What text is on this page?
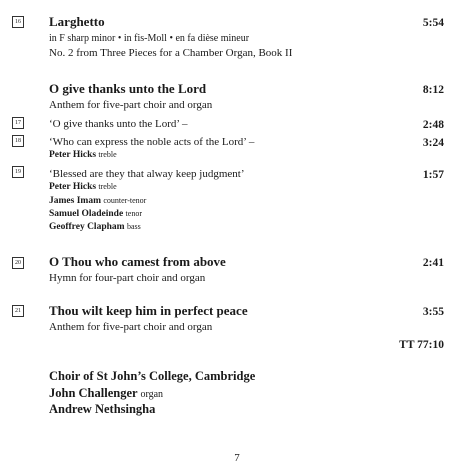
16 Larghetto	5:54
in F sharp minor • in fis-Moll • en fa dièse mineur
No. 2 from Three Pieces for a Chamber Organ, Book II
O give thanks unto the Lord	8:12
Anthem for five-part choir and organ
17	‘O give thanks unto the Lord’ –	2:48
18	‘Who can express the noble acts of the Lord’ –	3:24
Peter Hicks treble
19	‘Blessed are they that alway keep judgment’	1:57
Peter Hicks treble
James Imam counter-tenor
Samuel Oladeinde tenor
Geoffrey Clapham bass
20 O Thou who camest from above	2:41
Hymn for four-part choir and organ
21 Thou wilt keep him in perfect peace	3:55
Anthem for five-part choir and organ
TT 77:10
Choir of St John’s College, Cambridge
John Challenger organ
Andrew Nethsingha
7
